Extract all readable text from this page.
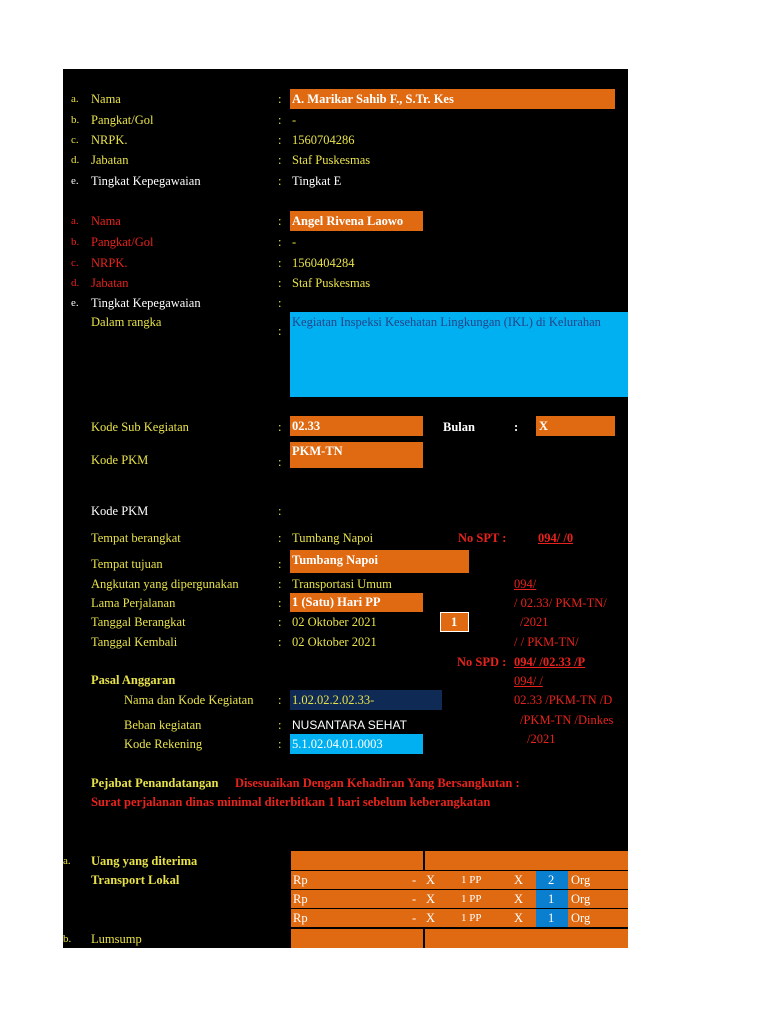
a. Nama	: A. Marikar Sahib F., S.Tr. Kes
b. Pangkat/Gol	: -
c. NRPK.	: 1560704286
d. Jabatan	: Staf Puskesmas
e. Tingkat Kepegawaian	: Tingkat E
a. Nama	: Angel Rivena Laowo
b. Pangkat/Gol	: -
c. NRPK.	: 1560404284
d. Jabatan	: Staf Puskesmas
e. Tingkat Kepegawaian	:
Dalam rangka
:
Kegiatan Inspeksi Kesehatan Lingkungan (IKL) di Kelurahan
Kode Sub Kegiatan	: 02.33	Bulan	: X
Kode PKM	:
PKM-TN
Kode PKM	:
Tempat berangkat	: Tumbang Napoi
Tempat tujuan	: Tumbang Napoi
Angkutan yang dipergunakan	: Transportasi Umum
Lama Perjalanan	: 1 (Satu) Hari PP
Tanggal Berangkat	: 02 Oktober 2021	1
Tanggal Kembali	: 02 Oktober 2021
No SPT :	094/ /0
094/
/ 02.33/ PKM-TN/
/2021
/ / PKM-TN/
No SPD : 094/ /02.33 /P
094/ /
02.33 /PKM-TN /D
/PKM-TN /Dinkes
/2021
Pasal Anggaran
Nama dan Kode Kegiatan : 1.02.02.2.02.33-
Beban kegiatan	: NUSANTARA SEHAT
Kode Rekening	: 5.1.02.04.01.0003
Pejabat Penandatangan Disesuaikan Dengan Kehadiran Yang Bersangkutan :
Surat perjalanan dinas minimal diterbitkan 1 hari sebelum keberangkatan
a. Uang yang diterima
Transport Lokal	Rp	- X 1 PP	X 2 Org
Rp	- X 1 PP	X 1 Org
Rp	- X 1 PP	X 1 Org
b. Lumsump
